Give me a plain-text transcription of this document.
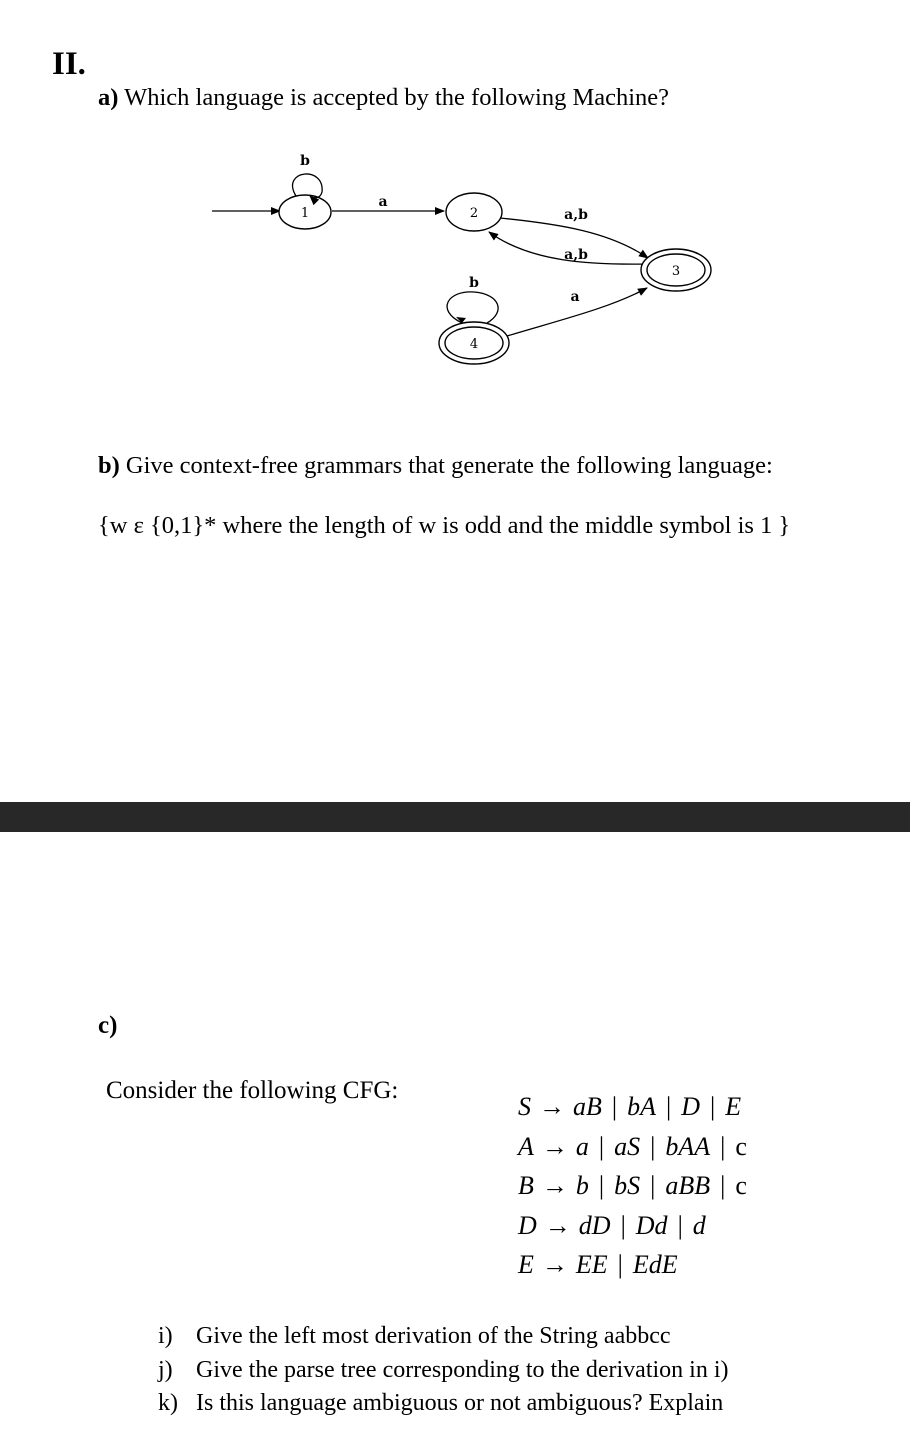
II.
a) Which language is accepted by the following Machine?
1
b
a
2	a,b
a,b
3
4
b
a
b) Give context-free grammars that generate the following language:
{w ε {0,1}* where the length of w is odd and the middle symbol is 1 }
c)
Consider the following CFG:
S → aB | bA | D | E
A → a | aS | bAA | c
B → b | bS | aBB | c
D → dD | Dd | d
E → EE | EdE
i) Give the left most derivation of the String aabbcc
j) Give the parse tree corresponding to the derivation in i)
k) Is this language ambiguous or not ambiguous? Explain
